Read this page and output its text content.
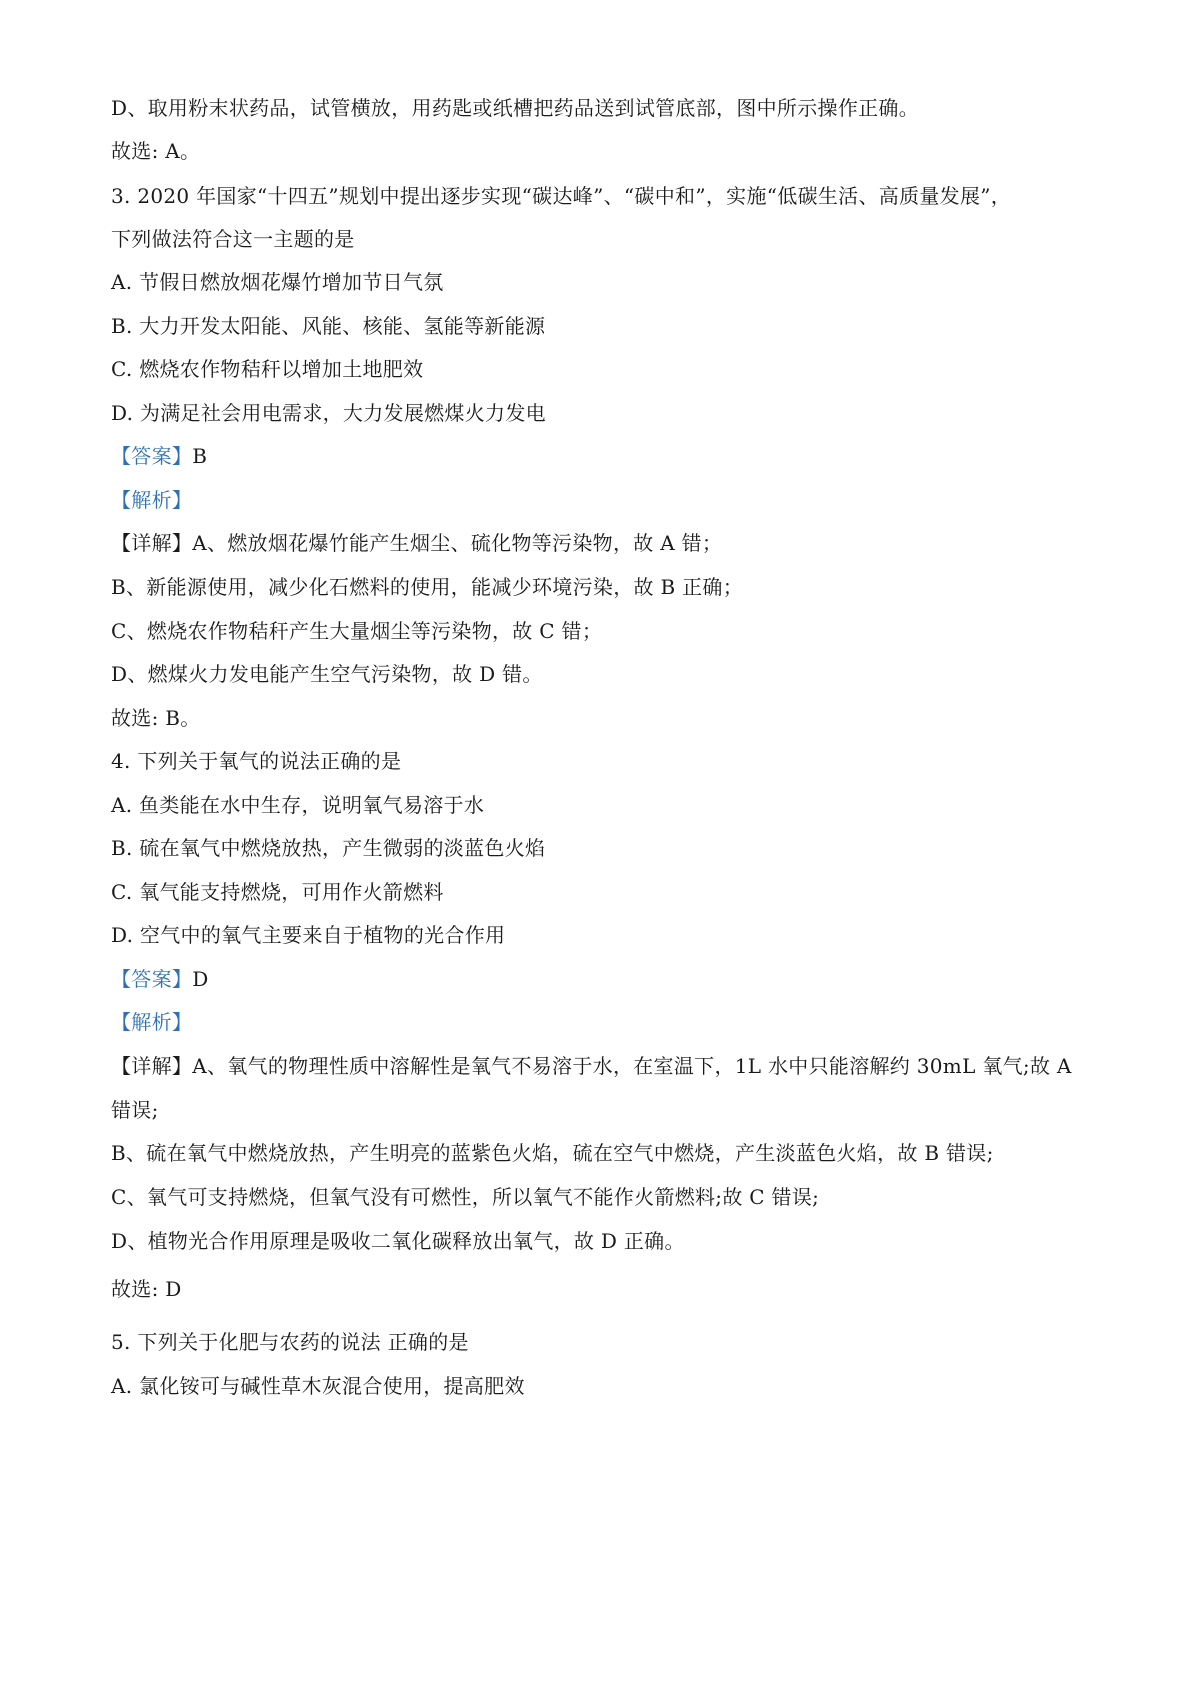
D、取用粉末状药品，试管横放，用药匙或纸槽把药品送到试管底部，图中所示操作正确。
故选: A。
3. 2020 年国家“十四五”规划中提出逐步实现“碳达峰”、“碳中和”，实施“低碳生活、高质量发展”，
下列做法符合这一主题的是
A. 节假日燃放烟花爆竹增加节日气氛
B. 大力开发太阳能、风能、核能、氢能等新能源
C. 燃烧农作物秸秆以增加土地肥效
D. 为满足社会用电需求，大力发展燃煤火力发电
【答案】B
【解析】
【详解】A、燃放烟花爆竹能产生烟尘、硫化物等污染物，故 A 错；
B、新能源使用，减少化石燃料的使用，能减少环境污染，故 B 正确；
C、燃烧农作物秸秆产生大量烟尘等污染物，故 C 错；
D、燃煤火力发电能产生空气污染物，故 D 错。
故选: B。
4. 下列关于氧气的说法正确的是
A. 鱼类能在水中生存，说明氧气易溶于水
B. 硫在氧气中燃烧放热，产生微弱的淡蓝色火焰
C. 氧气能支持燃烧，可用作火箭燃料
D. 空气中的氧气主要来自于植物的光合作用
【答案】D
【解析】
【详解】A、氧气的物理性质中溶解性是氧气不易溶于水，在室温下，1L 水中只能溶解约 30mL 氧气;故 A
错误;
B、硫在氧气中燃烧放热，产生明亮的蓝紫色火焰，硫在空气中燃烧，产生淡蓝色火焰，故 B 错误;
C、氧气可支持燃烧，但氧气没有可燃性，所以氧气不能作火箭燃料;故 C 错误;
D、植物光合作用原理是吸收二氧化碳释放出氧气，故 D 正确。
故选: D
5. 下列关于化肥与农药的说法 正确的是
A. 氯化铵可与碱性草木灰混合使用，提高肥效
